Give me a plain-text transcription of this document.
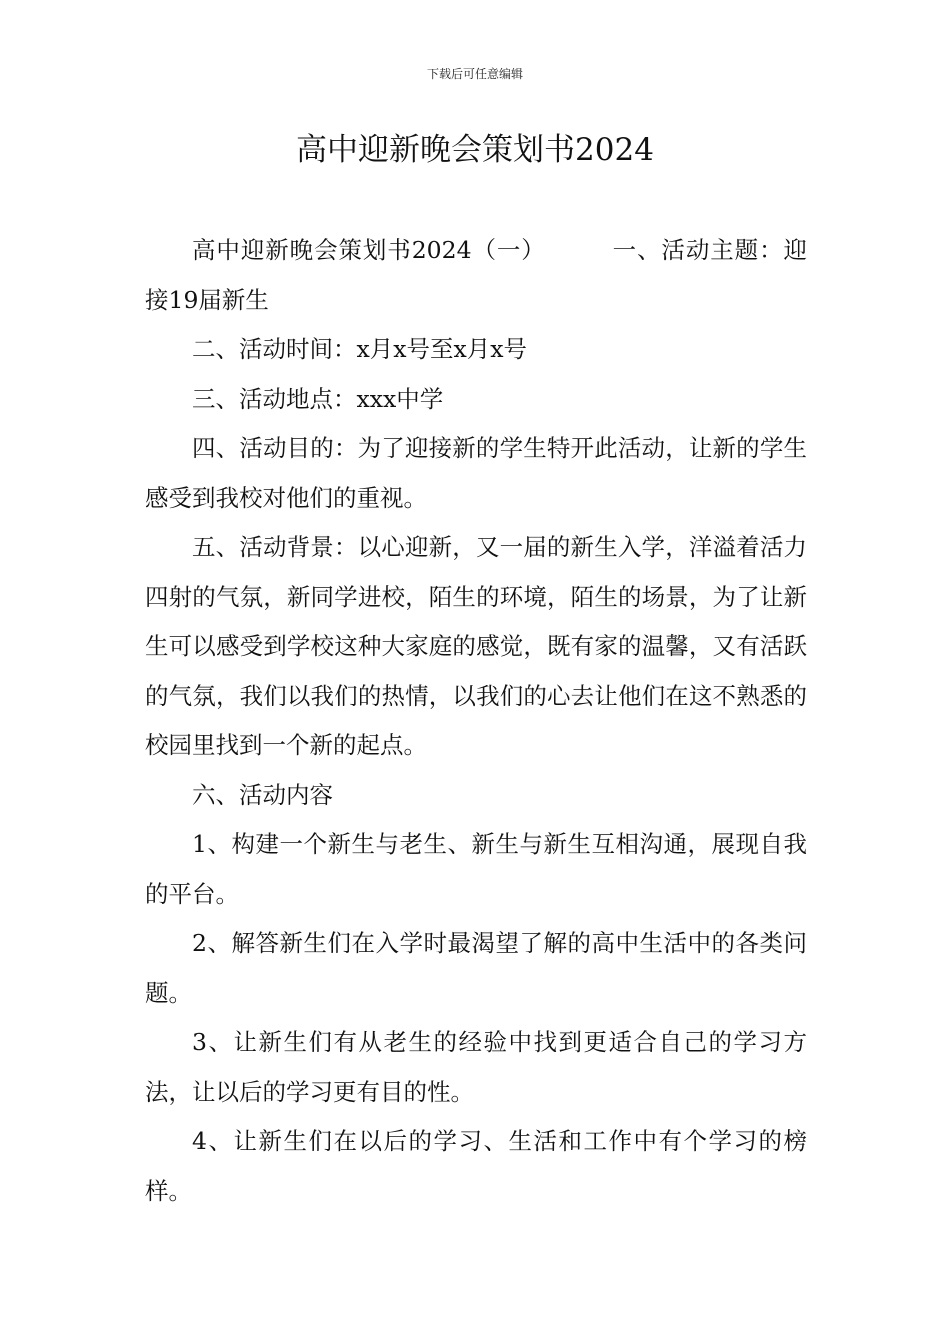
下载后可任意编辑
高中迎新晚会策划书2024

高中迎新晚会策划书2024（一）	一、活动主题：迎接19届新生

二、活动时间：x月x号至x月x号

三、活动地点：xxx中学

四、活动目的：为了迎接新的学生特开此活动，让新的学生感受到我校对他们的重视。

五、活动背景：以心迎新，又一届的新生入学，洋溢着活力四射的气氛，新同学进校，陌生的环境，陌生的场景，为了让新生可以感受到学校这种大家庭的感觉，既有家的温馨，又有活跃的气氛，我们以我们的热情，以我们的心去让他们在这不熟悉的校园里找到一个新的起点。

六、活动内容

1、构建一个新生与老生、新生与新生互相沟通，展现自我的平台。

2、解答新生们在入学时最渴望了解的高中生活中的各类问题。

3、让新生们有从老生的经验中找到更适合自己的学习方法，让以后的学习更有目的性。

4、让新生们在以后的学习、生活和工作中有个学习的榜样。
